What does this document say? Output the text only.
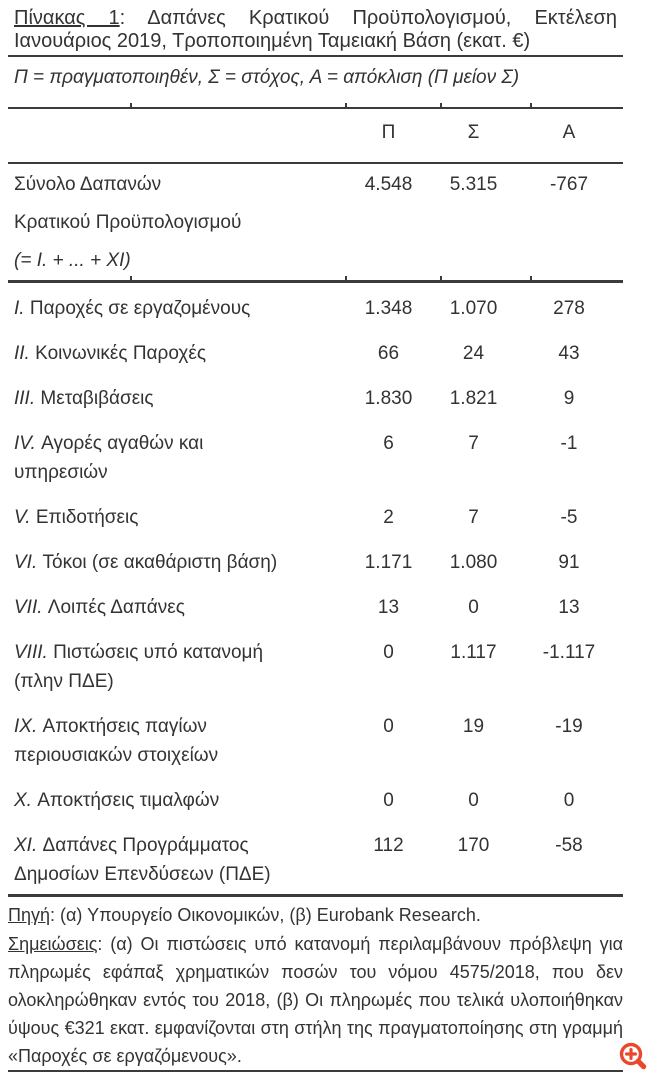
Πίνακας 1: Δαπάνες Κρατικού Προϋπολογισμού, Εκτέλεση
Ιανουάριος 2019, Τροποποιημένη Ταμειακή Βάση (εκατ. €)
Π = πραγματοποιηθέν, Σ = στόχος, Α = απόκλιση (Π μείον Σ)
Π	Σ	Α
Σύνολο Δαπανών
Κρατικού Προϋπολογισμού
(= I. + ... + XI)
4.548	5.315	-767
I. Παροχές σε εργαζομένους	1.348	1.070	278
II. Κοινωνικές Παροχές	66	24	43
III. Μεταβιβάσεις	1.830	1.821	9
IV. Αγορές αγαθών και
υπηρεσιών
6	7	-1
V. Επιδοτήσεις	2	7	-5
VI. Τόκοι (σε ακαθάριστη βάση)	1.171	1.080	91
VII. Λοιπές Δαπάνες	13	0	13
VIII. Πιστώσεις υπό κατανομή
(πλην ΠΔΕ)
0	1.117	-1.117
IX. Αποκτήσεις παγίων
περιουσιακών στοιχείων
0	19	-19
X. Αποκτήσεις τιμαλφών	0	0	0
XI. Δαπάνες Προγράμματος
Δημοσίων Επενδύσεων (ΠΔΕ)
112	170	-58
Πηγή: (α) Υπουργείο Οικονομικών, (β) Eurobank Research.

Σημειώσεις: (α) Οι πιστώσεις υπό κατανομή περιλαμβάνουν πρόβλεψη για πληρωμές εφάπαξ χρηματικών ποσών του νόμου 4575/2018, που δεν ολοκληρώθηκαν εντός του 2018, (β) Οι πληρωμές που τελικά υλοποιήθηκαν ύψους €321 εκατ. εμφανίζονται στη στήλη της πραγματοποίησης στη γραμμή «Παροχές σε εργαζόμενους».
